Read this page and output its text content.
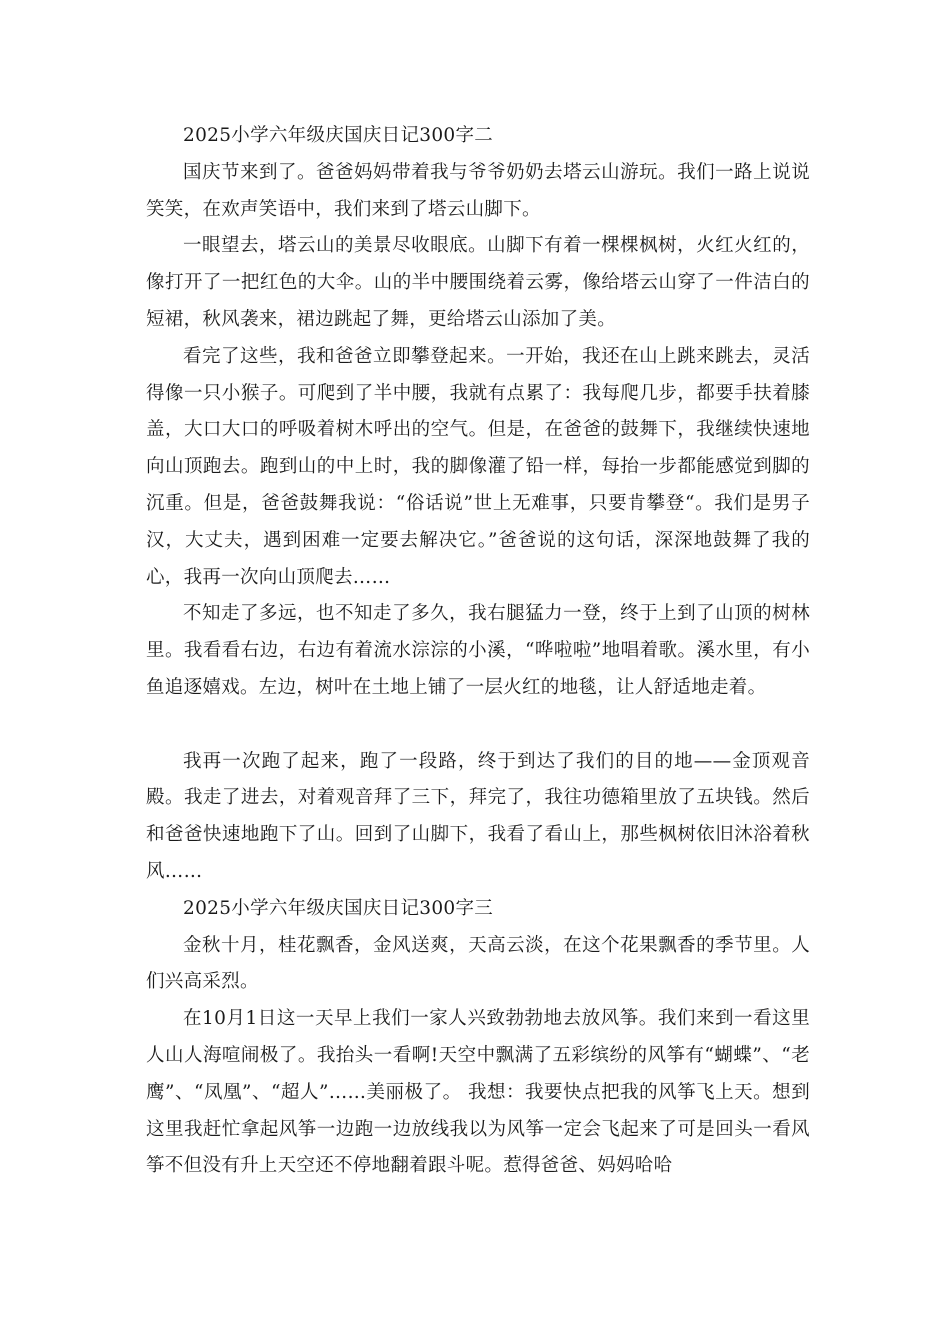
2025小学六年级庆国庆日记300字二

国庆节来到了。爸爸妈妈带着我与爷爷奶奶去塔云山游玩。我们一路上说说笑笑，在欢声笑语中，我们来到了塔云山脚下。

一眼望去，塔云山的美景尽收眼底。山脚下有着一棵棵枫树，火红火红的，像打开了一把红色的大伞。山的半中腰围绕着云雾，像给塔云山穿了一件洁白的短裙，秋风袭来，裙边跳起了舞，更给塔云山添加了美。

看完了这些，我和爸爸立即攀登起来。一开始，我还在山上跳来跳去，灵活得像一只小猴子。可爬到了半中腰，我就有点累了：我每爬几步，都要手扶着膝盖，大口大口的呼吸着树木呼出的空气。但是，在爸爸的鼓舞下，我继续快速地向山顶跑去。跑到山的中上时，我的脚像灌了铅一样，每抬一步都能感觉到脚的沉重。但是，爸爸鼓舞我说：“俗话说”世上无难事，只要肯攀登“。我们是男子汉，大丈夫，遇到困难一定要去解决它。”爸爸说的这句话，深深地鼓舞了我的心，我再一次向山顶爬去……

不知走了多远，也不知走了多久，我右腿猛力一登，终于上到了山顶的树林里。我看看右边，右边有着流水淙淙的小溪，“哗啦啦”地唱着歌。溪水里，有小鱼追逐嬉戏。左边，树叶在土地上铺了一层火红的地毯，让人舒适地走着。

我再一次跑了起来，跑了一段路，终于到达了我们的目的地——金顶观音殿。我走了进去，对着观音拜了三下，拜完了，我往功德箱里放了五块钱。然后和爸爸快速地跑下了山。回到了山脚下，我看了看山上，那些枫树依旧沐浴着秋风……

2025小学六年级庆国庆日记300字三

金秋十月，桂花飘香，金风送爽，天高云淡，在这个花果飘香的季节里。人们兴高采烈。

在10月1日这一天早上我们一家人兴致勃勃地去放风筝。我们来到一看这里人山人海喧闹极了。我抬头一看啊!天空中飘满了五彩缤纷的风筝有“蝴蝶”、“老鹰”、“凤凰”、“超人”……美丽极了。 我想：我要快点把我的风筝飞上天。想到这里我赶忙拿起风筝一边跑一边放线我以为风筝一定会飞起来了可是回头一看风筝不但没有升上天空还不停地翻着跟斗呢。惹得爸爸、妈妈哈哈
